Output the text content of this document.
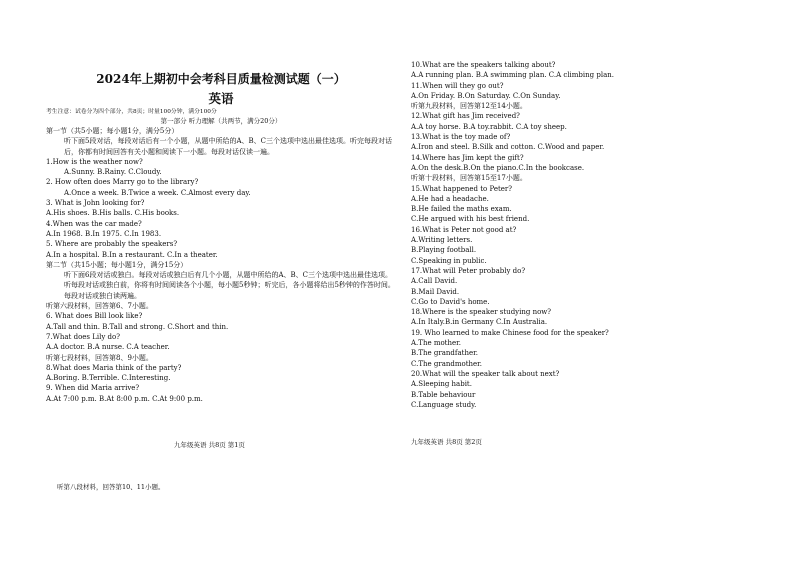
2024年上期初中会考科目质量检测试题（一）
英语
考生注意：试卷分为四个部分，共8页；时量100分钟，满分100分
第一部分 听力理解（共两节，满分20分）
第一节（共5小题；每小题1分，满分5分）
听下面5段对话，每段对话后有一个小题，从题中所给的A、B、C三个选项中选出最佳选项。听完每段对话后，你都有时间回答有关小题和阅读下一小题。每段对话仅读一遍。
1.How is the weather now?
A.Sunny. B.Rainy. C.Cloudy.
2. How often does Marry go to the library?
A.Once a week. B.Twice a week. C.Almost every day.
3. What is John looking for?
A.His shoes. B.His balls. C.His books.
4.When was the car made?
A.In 1968. B.In 1975. C.In 1983.
5. Where are probably the speakers?
A.In a hospital. B.In a restaurant. C.In a theater.
第二节（共15小题；每小题1分，满分15分）
听下面6段对话或独白。每段对话或独白后有几个小题，从题中所给的A、B、C三个选项中选出最佳选项。听每段对话或独白前，你将有时间阅读各个小题，每小题5秒钟；听完后，各小题将给出5秒钟的作答时间。每段对话或独白读两遍。
听第六段材料，回答第6、7小题。
6. What does Bill look like?
A.Tall and thin. B.Tall and strong. C.Short and thin.
7.What does Lily do?
A.A doctor. B.A nurse. C.A teacher.
听第七段材料，回答第8、9小题。
8.What does Maria think of the party?
A.Boring. B.Terrible. C.Interesting.
9. When did Maria arrive?
A.At 7:00 p.m. B.At 8:00 p.m. C.At 9:00 p.m.
10.What are the speakers talking about?
A.A running plan. B.A swimming plan. C.A climbing plan.
11.When will they go out?
A.On Friday. B.On Saturday. C.On Sunday.
听第九段材料，回答第12至14小题。
12.What gift has Jim received?
A.A toy horse. B.A toy.rabbit. C.A toy sheep.
13.What is the toy made of?
A.Iron and steel. B.Silk and cotton. C.Wood and paper.
14.Where has Jim kept the gift?
A.On the desk.B.On the piano.C.In the bookcase.
听第十段材料，回答第15至17小题。
15.What happened to Peter?
A.He had a headache.
B.He failed the maths exam.
C.He argued with his best friend.
16.What is Peter not good at?
A.Writing letters.
B.Playing football.
C.Speaking in public.
17.What will Peter probably do?
A.Call David.
B.Mail David.
C.Go to David's home.
18.Where is the speaker studying now?
A.In Italy.B.in Germany C.In Australia.
19. Who learned to make Chinese food for the speaker?
A.The mother.
B.The grandfather.
C.The grandmother.
20.What will the speaker talk about next?
A.Sleeping habit.
B.Table behaviour
C.Language study.
九年级英语 共8页 第1页	九年级英语 共8页 第2页
听第八段材料，回答第10、11小题。
